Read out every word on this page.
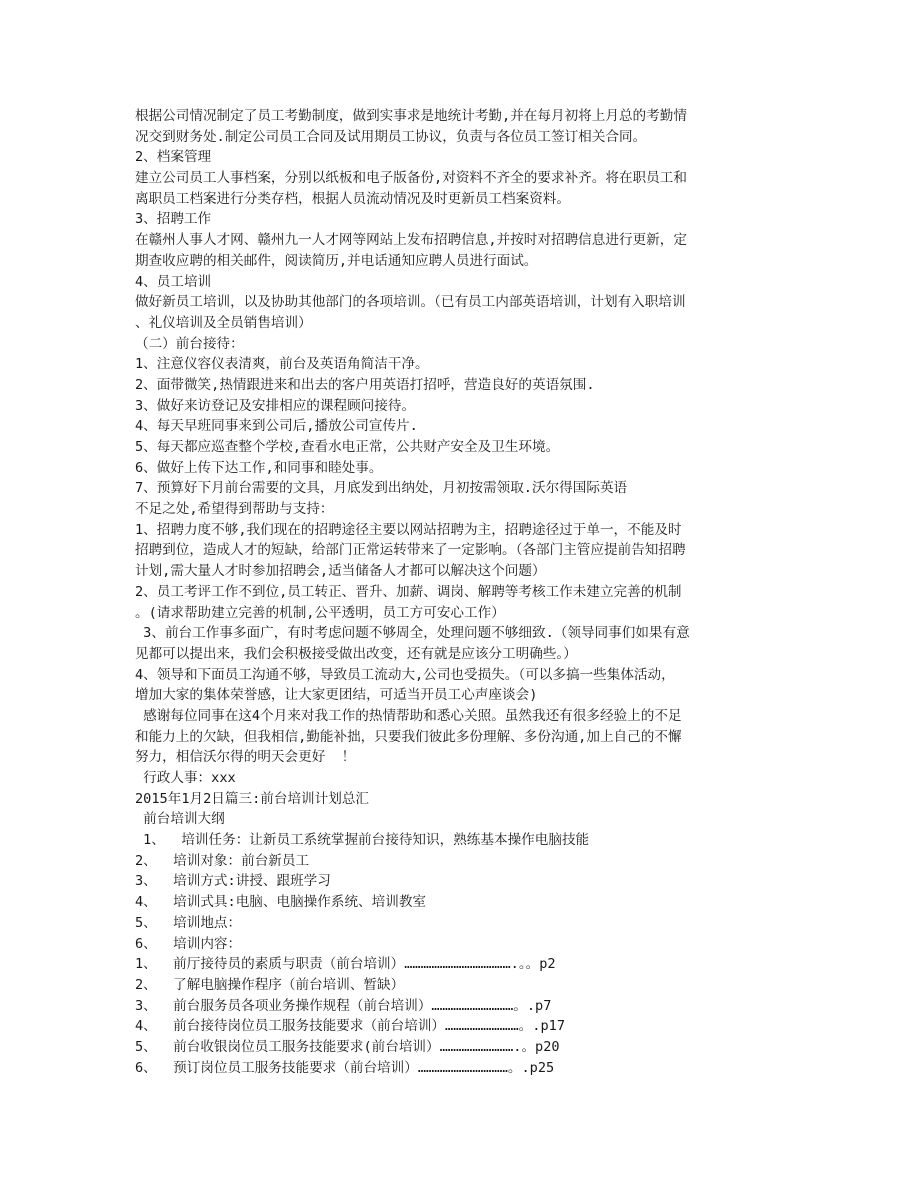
根据公司情况制定了员工考勤制度，做到实事求是地统计考勤,并在每月初将上月总的考勤情
况交到财务处.制定公司员工合同及试用期员工协议，负责与各位员工签订相关合同。
2、档案管理
建立公司员工人事档案，分别以纸板和电子版备份,对资料不齐全的要求补齐。将在职员工和
离职员工档案进行分类存档，根据人员流动情况及时更新员工档案资料。
3、招聘工作
在赣州人事人才网、赣州九一人才网等网站上发布招聘信息,并按时对招聘信息进行更新，定
期查收应聘的相关邮件，阅读简历,并电话通知应聘人员进行面试。
4、员工培训
做好新员工培训，以及协助其他部门的各项培训。（已有员工内部英语培训，计划有入职培训
、礼仪培训及全员销售培训）
（二）前台接待：
1、注意仪容仪表清爽，前台及英语角简洁干净。
2、面带微笑,热情跟进来和出去的客户用英语打招呼，营造良好的英语氛围.
3、做好来访登记及安排相应的课程顾问接待。
4、每天早班同事来到公司后,播放公司宣传片.
5、每天都应巡查整个学校,查看水电正常，公共财产安全及卫生环境。
6、做好上传下达工作,和同事和睦处事。
7、预算好下月前台需要的文具，月底发到出纳处，月初按需领取.沃尔得国际英语
不足之处,希望得到帮助与支持：
1、招聘力度不够,我们现在的招聘途径主要以网站招聘为主，招聘途径过于单一，不能及时
招聘到位，造成人才的短缺，给部门正常运转带来了一定影响。（各部门主管应提前告知招聘
计划,需大量人才时参加招聘会,适当储备人才都可以解决这个问题）
2、员工考评工作不到位,员工转正、晋升、加薪、调岗、解聘等考核工作未建立完善的机制
。(请求帮助建立完善的机制,公平透明，员工方可安心工作）
3、前台工作事多面广，有时考虑问题不够周全，处理问题不够细致.（领导同事们如果有意
见都可以提出来，我们会积极接受做出改变，还有就是应该分工明确些。）
4、领导和下面员工沟通不够，导致员工流动大,公司也受损失。（可以多搞一些集体活动，
增加大家的集体荣誉感，让大家更团结，可适当开员工心声座谈会)
感谢每位同事在这4个月来对我工作的热情帮助和悉心关照。虽然我还有很多经验上的不足
和能力上的欠缺，但我相信,勤能补拙，只要我们彼此多份理解、多份沟通,加上自己的不懈
努力，相信沃尔得的明天会更好  ！
行政人事：xxx
2015年1月2日篇三:前台培训计划总汇
前台培训大纲
1、  培训任务：让新员工系统掌握前台接待知识，熟练基本操作电脑技能
2、  培训对象：前台新员工
3、  培训方式:讲授、跟班学习
4、  培训式具:电脑、电脑操作系统、培训教室
5、  培训地点：
6、  培训内容：
1、  前厅接待员的素质与职责（前台培训）………………………………….。。p2
2、  了解电脑操作程序（前台培训、暂缺）
3、  前台服务员各项业务操作规程（前台培训）…………………………。.p7
4、  前台接待岗位员工服务技能要求（前台培训）………………………。.p17
5、  前台收银岗位员工服务技能要求(前台培训）……………………….。p20
6、  预订岗位员工服务技能要求（前台培训）……………………………。.p25
